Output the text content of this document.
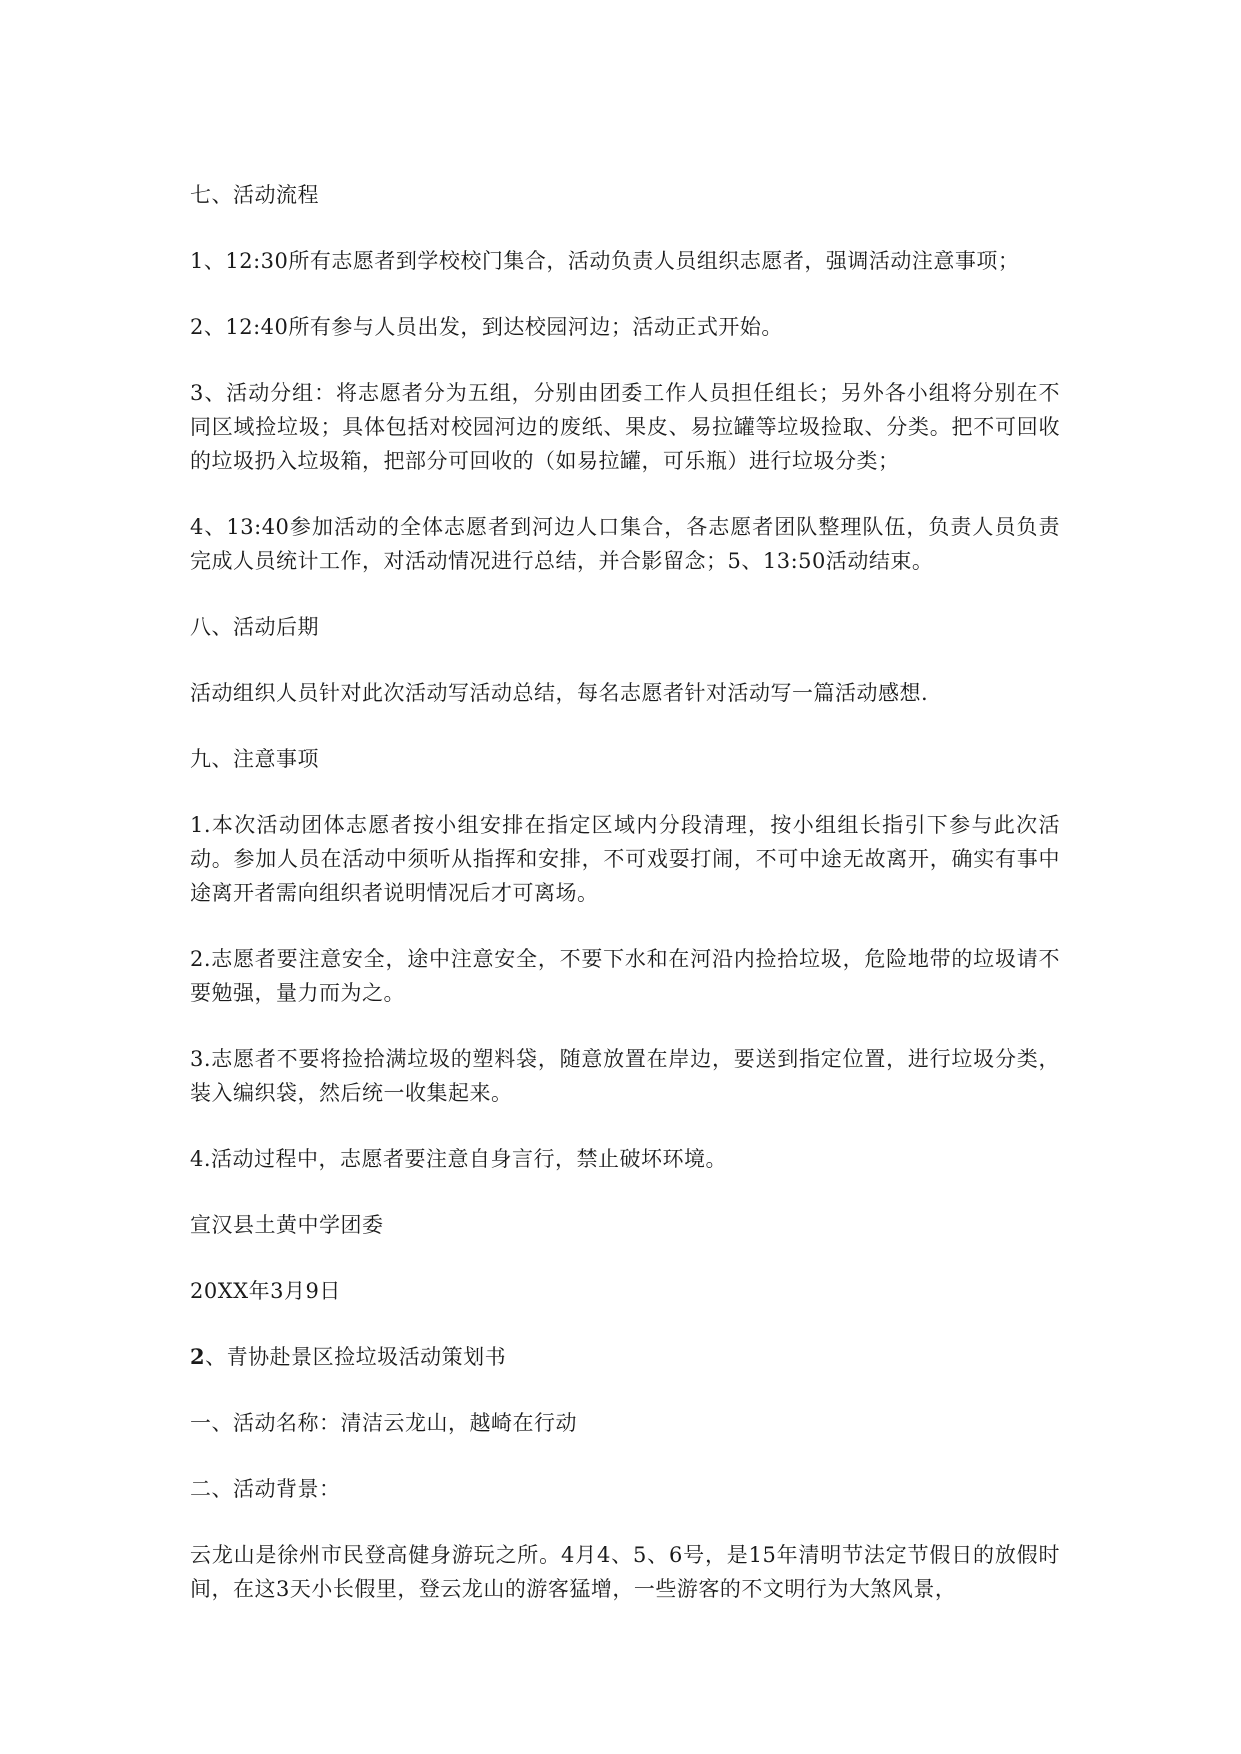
七、活动流程

1、12:30所有志愿者到学校校门集合，活动负责人员组织志愿者，强调活动注意事项；

2、12:40所有参与人员出发，到达校园河边；活动正式开始。

3、活动分组：将志愿者分为五组，分别由团委工作人员担任组长；另外各小组将分别在不同区域捡垃圾；具体包括对校园河边的废纸、果皮、易拉罐等垃圾捡取、分类。把不可回收的垃圾扔入垃圾箱，把部分可回收的（如易拉罐，可乐瓶）进行垃圾分类；

4、13:40参加活动的全体志愿者到河边人口集合，各志愿者团队整理队伍，负责人员负责完成人员统计工作，对活动情况进行总结，并合影留念；5、13:50活动结束。

八、活动后期

活动组织人员针对此次活动写活动总结，每名志愿者针对活动写一篇活动感想.

九、注意事项

1.本次活动团体志愿者按小组安排在指定区域内分段清理，按小组组长指引下参与此次活动。参加人员在活动中须听从指挥和安排，不可戏耍打闹，不可中途无故离开，确实有事中途离开者需向组织者说明情况后才可离场。

2.志愿者要注意安全，途中注意安全，不要下水和在河沿内捡拾垃圾，危险地带的垃圾请不要勉强，量力而为之。

3.志愿者不要将捡拾满垃圾的塑料袋，随意放置在岸边，要送到指定位置，进行垃圾分类，装入编织袋，然后统一收集起来。

4.活动过程中，志愿者要注意自身言行，禁止破坏环境。

宣汉县土黄中学团委

20XX年3月9日

2、青协赴景区捡垃圾活动策划书

一、活动名称：清洁云龙山，越崎在行动

二、活动背景：

云龙山是徐州市民登高健身游玩之所。4月4、5、6号，是15年清明节法定节假日的放假时间，在这3天小长假里，登云龙山的游客猛增，一些游客的不文明行为大煞风景，
